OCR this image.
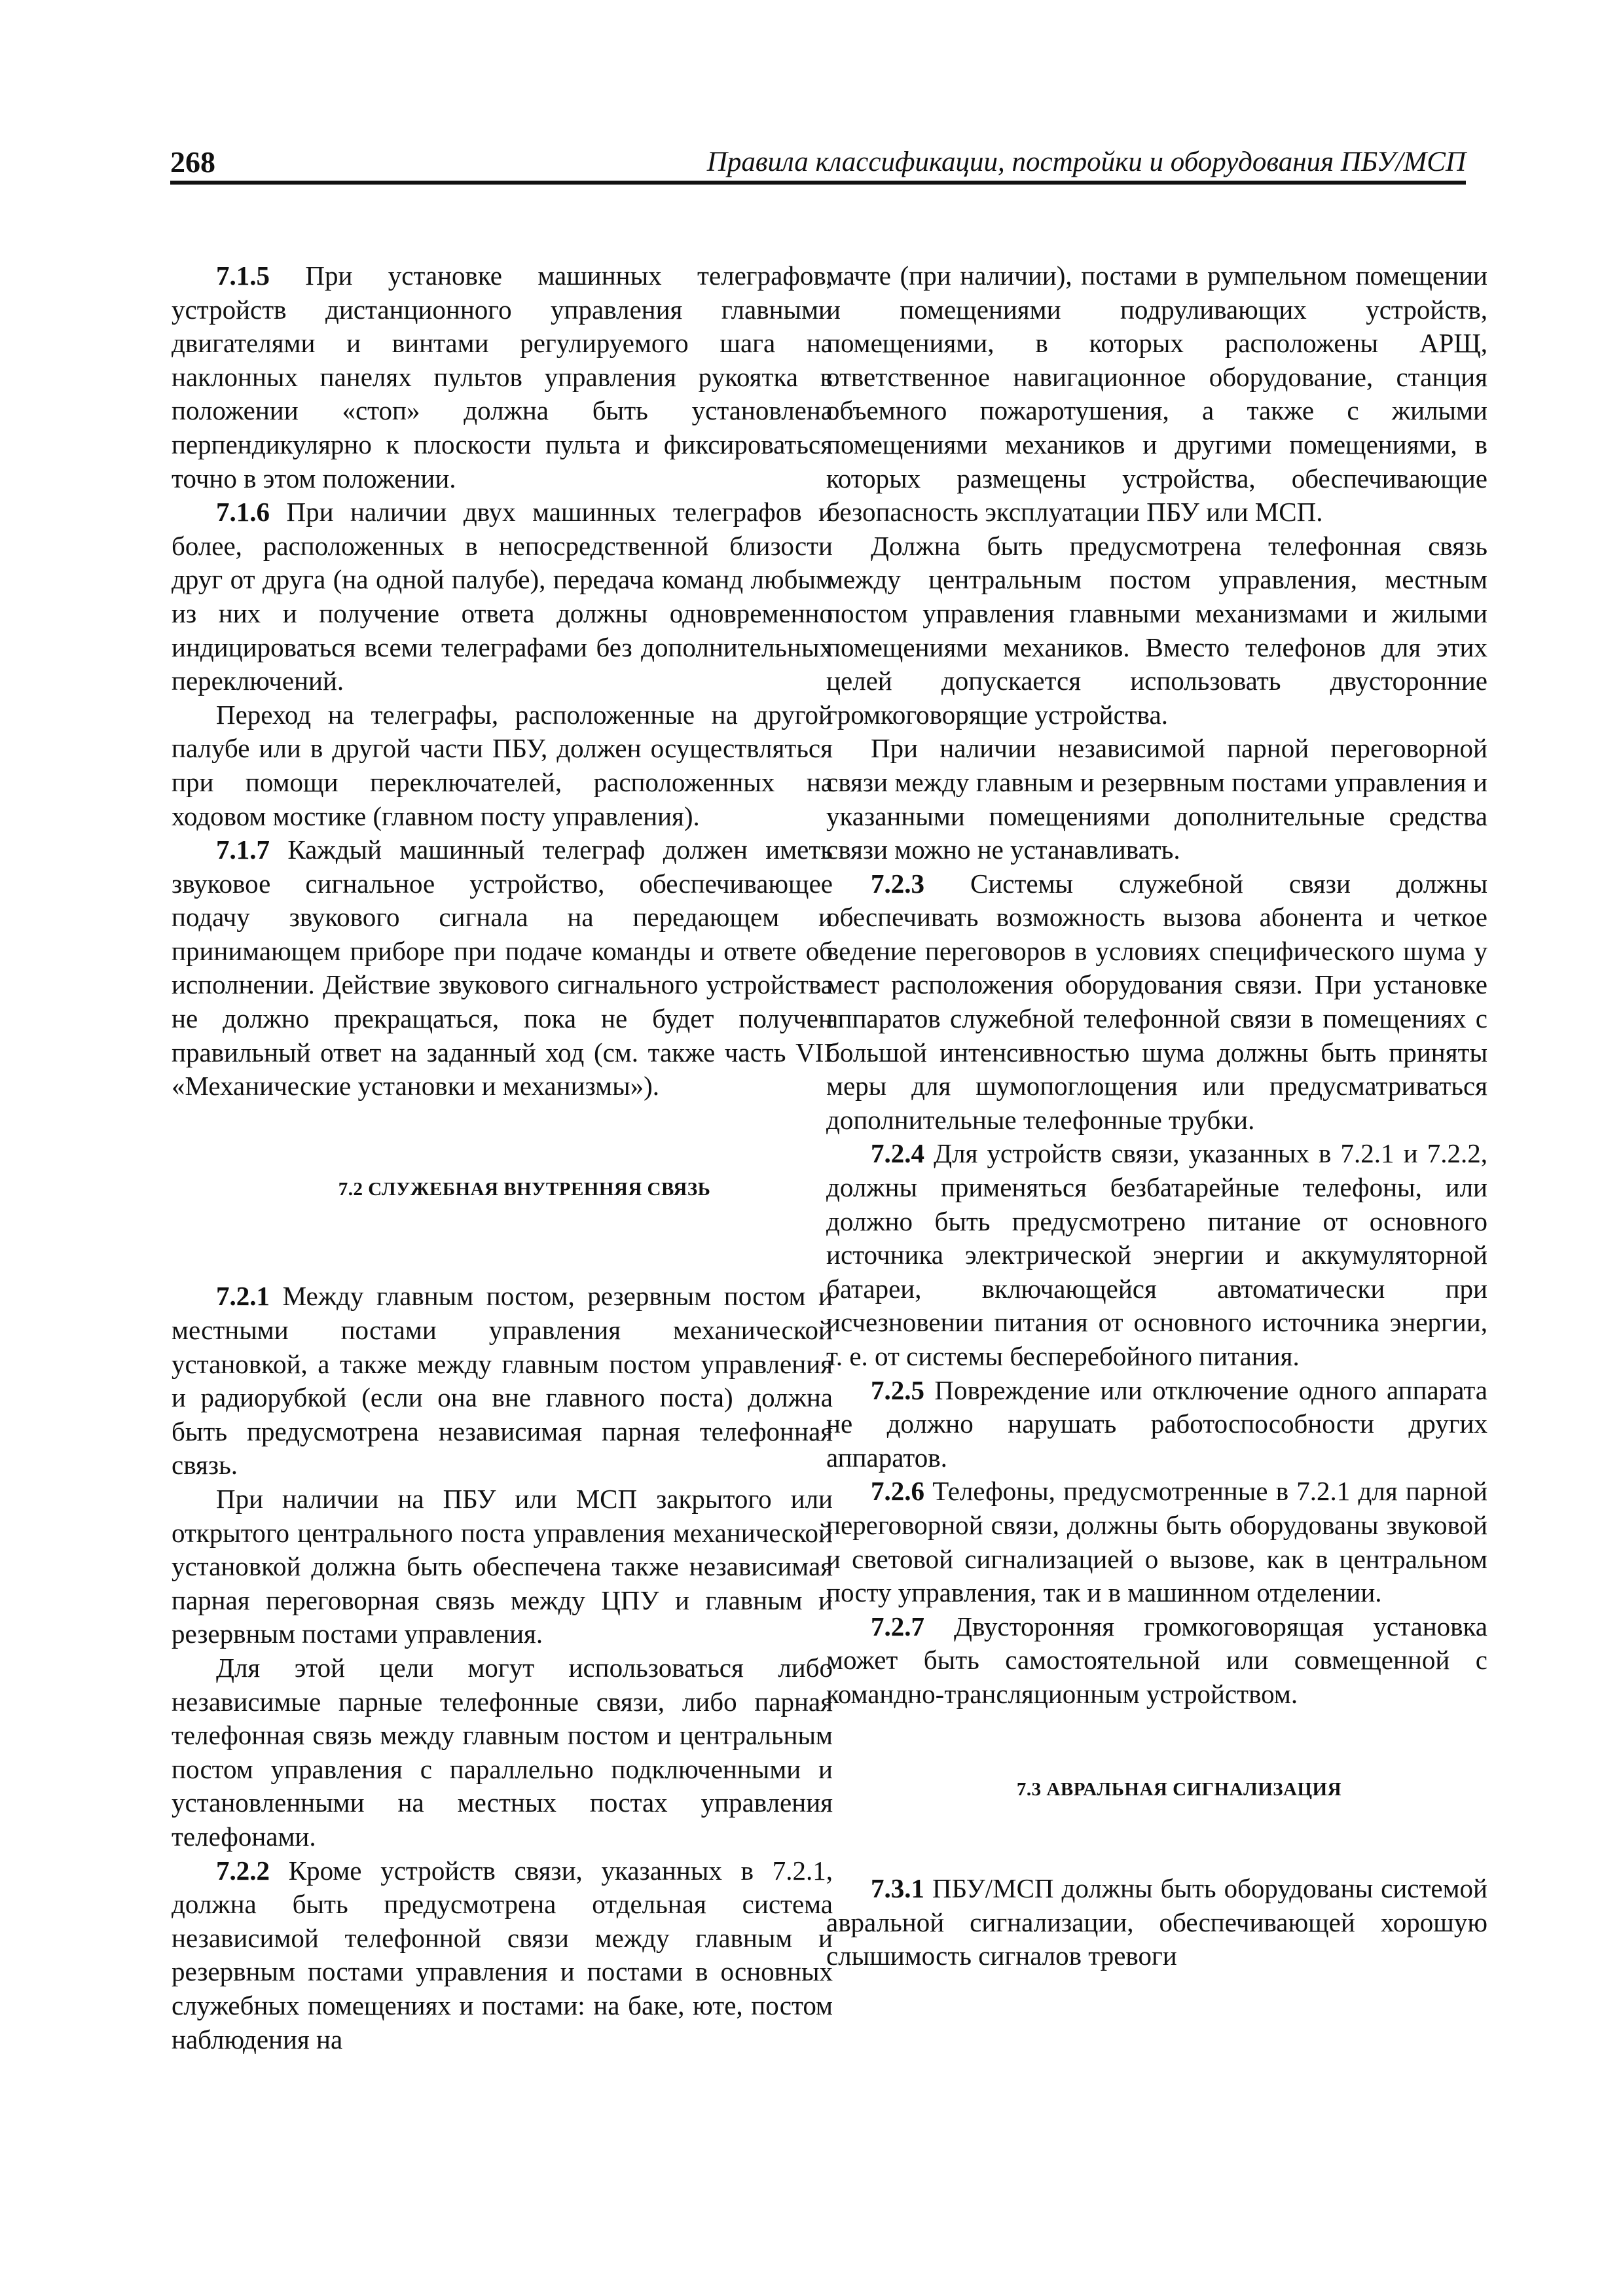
268	Правила классификации, постройки и оборудования ПБУ/МСП

7.1.5 При установке машинных телеграфов, устройств дистанционного управления главными двигателями и винтами регулируемого шага на наклонных панелях пультов управления рукоятка в положении «стоп» должна быть установлена перпендикулярно к плоскости пульта и фиксироваться точно в этом положении.

7.1.6 При наличии двух машинных телеграфов и более, расположенных в непосредственной близости друг от друга (на одной палубе), передача команд любым из них и получение ответа должны одновременно индицироваться всеми телеграфами без дополнительных переключений.

Переход на телеграфы, расположенные на другой палубе или в другой части ПБУ, должен осуществляться при помощи переключателей, расположенных на ходовом мостике (главном посту управления).

7.1.7 Каждый машинный телеграф должен иметь звуковое сигнальное устройство, обеспечивающее подачу звукового сигнала на передающем и принимающем приборе при подаче команды и ответе об исполнении. Действие звукового сигнального устройства не должно прекращаться, пока не будет получен правильный ответ на заданный ход (см. также часть VII «Механические установки и механизмы»).

7.2 СЛУЖЕБНАЯ ВНУТРЕННЯЯ СВЯЗЬ

7.2.1 Между главным постом, резервным постом и местными постами управления механической установкой, а также между главным постом управления и радиорубкой (если она вне главного поста) должна быть предусмотрена независимая парная телефонная связь.

При наличии на ПБУ или МСП закрытого или открытого центрального поста управления механической установкой должна быть обеспечена также независимая парная переговорная связь между ЦПУ и главным и резервным постами управления.

Для этой цели могут использоваться либо независимые парные телефонные связи, либо парная телефонная связь между главным постом и центральным постом управления с параллельно подключенными и установленными на местных постах управления телефонами.

7.2.2 Кроме устройств связи, указанных в 7.2.1, должна быть предусмотрена отдельная система независимой телефонной связи между главным и резервным постами управления и постами в основных служебных помещениях и постами: на баке, юте, постом наблюдения на

мачте (при наличии), постами в румпельном помещении и помещениями подруливающих устройств, помещениями, в которых расположены АРЩ, ответственное навигационное оборудование, станция объемного пожаротушения, а также с жилыми помещениями механиков и другими помещениями, в которых размещены устройства, обеспечивающие безопасность эксплуатации ПБУ или МСП.

Должна быть предусмотрена телефонная связь между центральным постом управления, местным постом управления главными механизмами и жилыми помещениями механиков. Вместо телефонов для этих целей допускается использовать двусторонние громкоговорящие устройства.

При наличии независимой парной переговорной связи между главным и резервным постами управления и указанными помещениями дополнительные средства связи можно не устанавливать.

7.2.3 Системы служебной связи должны обеспечивать возможность вызова абонента и четкое ведение переговоров в условиях специфического шума у мест расположения оборудования связи. При установке аппаратов служебной телефонной связи в помещениях с большой интенсивностью шума должны быть приняты меры для шумопоглощения или предусматриваться дополнительные телефонные трубки.

7.2.4 Для устройств связи, указанных в 7.2.1 и 7.2.2, должны применяться безбатарейные телефоны, или должно быть предусмотрено питание от основного источника электрической энергии и аккумуляторной батареи, включающейся автоматически при исчезновении питания от основного источника энергии, т. е. от системы бесперебойного питания.

7.2.5 Повреждение или отключение одного аппарата не должно нарушать работоспособности других аппаратов.

7.2.6 Телефоны, предусмотренные в 7.2.1 для парной переговорной связи, должны быть оборудованы звуковой и световой сигнализацией о вызове, как в центральном посту управления, так и в машинном отделении.

7.2.7 Двусторонняя громкоговорящая установка может быть самостоятельной или совмещенной с командно-трансляционным устройством.

7.3 АВРАЛЬНАЯ СИГНАЛИЗАЦИЯ

7.3.1 ПБУ/МСП должны быть оборудованы системой авральной сигнализации, обеспечивающей хорошую слышимость сигналов тревоги
